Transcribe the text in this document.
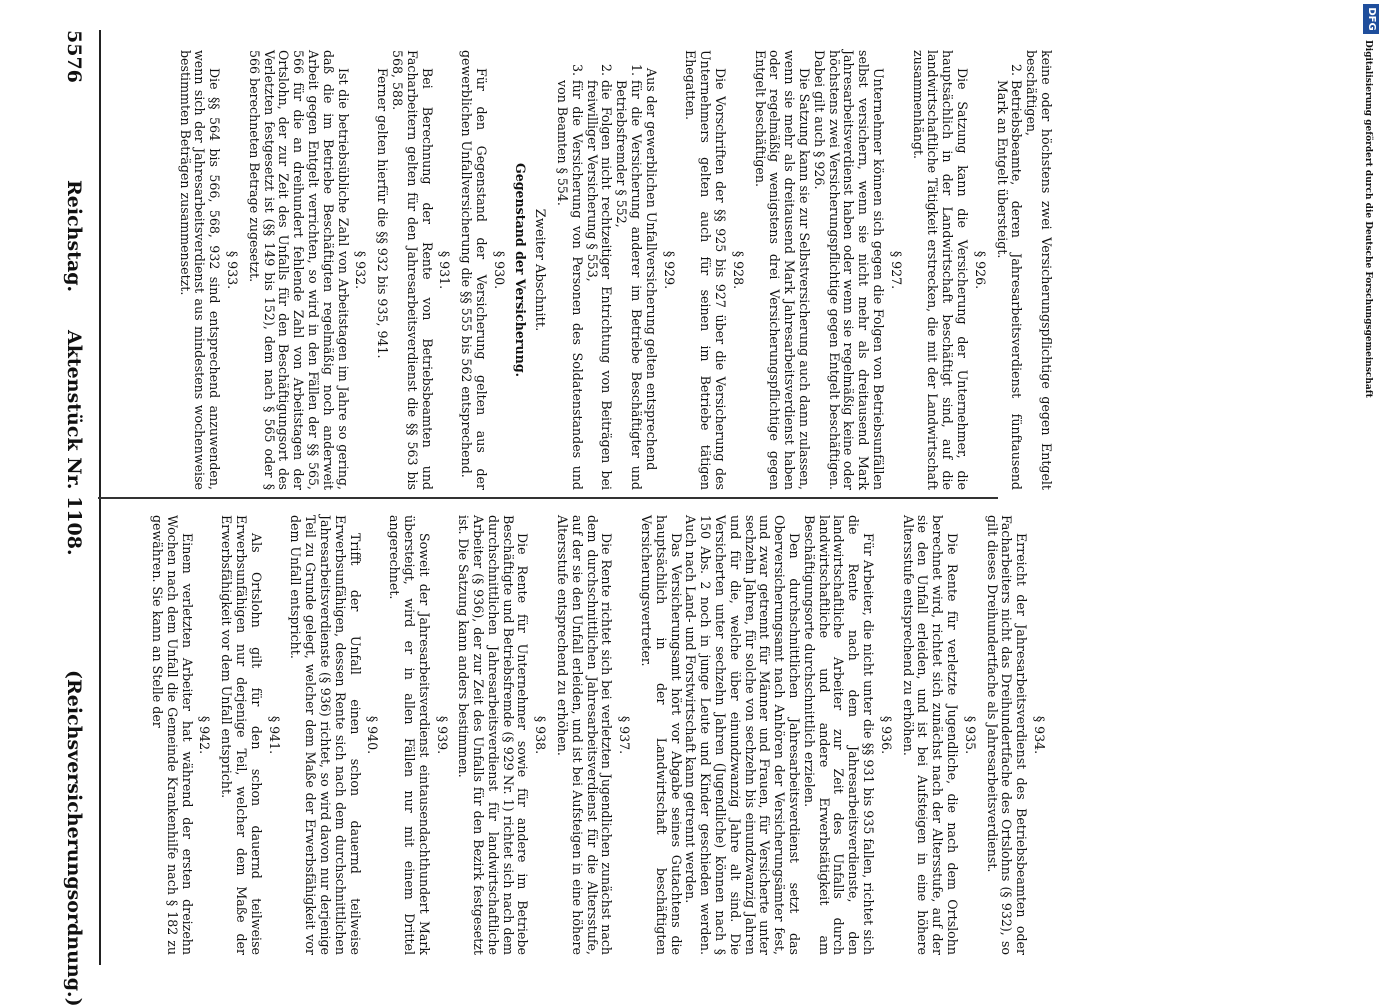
5576
Reichstag.
Aktenstück Nr. 1108.
(Reichsversicherungsordnung.)

keine oder höchstens zwei Versicherungspflichtige gegen Entgelt beschäftigen,

2. Betriebsbeamte, deren Jahresarbeitsverdienst fünftausend Mark an Entgelt übersteigt.

§ 926.

Die Satzung kann die Versicherung der Unternehmer, die hauptsächlich in der Landwirtschaft beschäftigt sind, auf die landwirtschaftliche Tätigkeit erstrecken, die mit der Landwirtschaft zusammenhängt.

§ 927.

Unternehmer können sich gegen die Folgen von Betriebsunfällen selbst versichern, wenn sie nicht mehr als dreitausend Mark Jahresarbeitsverdienst haben oder wenn sie regelmäßig keine oder höchstens zwei Versicherungspflichtige gegen Entgelt beschäftigen. Dabei gilt auch § 926.

Die Satzung kann sie zur Selbstversicherung auch dann zulassen, wenn sie mehr als dreitausend Mark Jahresarbeitsverdienst haben oder regelmäßig wenigstens drei Versicherungspflichtige gegen Entgelt beschäftigen.

§ 928.

Die Vorschriften der §§ 925 bis 927 über die Versicherung des Unternehmers gelten auch für seinen im Betriebe tätigen Ehegatten.

§ 929.

Aus der gewerblichen Unfallversicherung gelten entsprechend

1. für die Versicherung anderer im Betriebe Beschäftigter und Betriebsfremder § 552,
2. die Folgen nicht rechtzeitiger Entrichtung von Beiträgen bei freiwilliger Versicherung § 553,
3. für die Versicherung von Personen des Soldatenstandes und von Beamten § 554.

Zweiter Abschnitt.

Gegenstand der Versicherung.

§ 930.

Für den Gegenstand der Versicherung gelten aus der gewerblichen Unfallversicherung die §§ 555 bis 562 entsprechend.

§ 931.

Bei Berechnung der Rente von Betriebsbeamten und Facharbeitern gelten für den Jahresarbeitsverdienst die §§ 563 bis 568, 588.

Ferner gelten hierfür die §§ 932 bis 935, 941.

§ 932.

Ist die betriebsübliche Zahl von Arbeitstagen im Jahre so gering, daß die im Betriebe Beschäftigten regelmäßig noch anderweit Arbeit gegen Entgelt verrichten, so wird in den Fällen der §§ 565, 566 für die an dreihundert fehlende Zahl von Arbeitstagen der Ortslohn, der zur Zeit des Unfalls für den Beschäftigungsort des Verletzten festgesetzt ist (§§ 149 bis 152), dem nach § 565 oder § 566 berechneten Betrage zugesetzt.

§ 933.

Die §§ 564 bis 566, 568, 932 sind entsprechend anzuwenden, wenn sich der Jahresarbeitsverdienst aus mindestens wochenweise bestimmten Beträgen zusammensetzt.

§ 934.

Erreicht der Jahresarbeitsverdienst des Betriebsbeamten oder Facharbeiters nicht das Dreihundertfache des Ortslohns (§ 932), so gilt dieses Dreihundertfache als Jahresarbeitsverdienst.

§ 935.

Die Rente für verletzte Jugendliche, die nach dem Ortslohn berechnet wird, richtet sich zunächst nach der Altersstufe, auf der sie den Unfall erleiden, und ist bei Aufsteigen in eine höhere Altersstufe entsprechend zu erhöhen.

§ 936.

Für Arbeiter, die nicht unter die §§ 931 bis 935 fallen, richtet sich die Rente nach dem Jahresarbeitsverdienste, den landwirtschaftliche Arbeiter zur Zeit des Unfalls durch landwirtschaftliche und andere Erwerbstätigkeit am Beschäftigungsorte durchschnittlich erzielen.

Den durchschnittlichen Jahresarbeitsverdienst setzt das Oberversicherungsamt nach Anhören der Versicherungsämter fest, und zwar getrennt für Männer und Frauen, für Versicherte unter sechzehn Jahren, für solche von sechzehn bis einundzwanzig Jahren und für die, welche über einundzwanzig Jahre alt sind. Die Versicherten unter sechzehn Jahren (Jugendliche) können nach § 150 Abs. 2 noch in junge Leute und Kinder geschieden werden. Auch nach Land- und Forstwirtschaft kann getrennt werden.

Das Versicherungsamt hört vor Abgabe seines Gutachtens die hauptsächlich in der Landwirtschaft beschäftigten Versicherungsvertreter.

§ 937.

Die Rente richtet sich bei verletzten Jugendlichen zunächst nach dem durchschnittlichen Jahresarbeitsverdienst für die Altersstufe, auf der sie den Unfall erleiden, und ist bei Aufsteigen in eine höhere Altersstufe entsprechend zu erhöhen.

§ 938.

Die Rente für Unternehmer sowie für andere im Betriebe Beschäftigte und Betriebsfremde (§ 929 Nr. 1) richtet sich nach dem durchschnittlichen Jahresarbeitsverdienst für landwirtschaftliche Arbeiter (§ 936), der zur Zeit des Unfalls für den Bezirk festgesetzt ist. Die Satzung kann anders bestimmen.

§ 939.

Soweit der Jahresarbeitsverdienst eintausendachthundert Mark übersteigt, wird er in allen Fällen nur mit einem Drittel angerechnet.

§ 940.

Trifft der Unfall einen schon dauernd teilweise Erwerbsunfähigen, dessen Rente sich nach dem durchschnittlichen Jahresarbeitsverdienste (§ 936) richtet, so wird davon nur derjenige Teil zu Grunde gelegt, welcher dem Maße der Erwerbsfähigkeit vor dem Unfall entspricht.

§ 941.

Als Ortslohn gilt für den schon dauernd teilweise Erwerbsunfähigen nur derjenige Teil, welcher dem Maße der Erwerbsfähigkeit vor dem Unfall entspricht.

§ 942.

Einem verletzten Arbeiter hat während der ersten dreizehn Wochen nach dem Unfall die Gemeinde Krankenhilfe nach § 182 zu gewähren. Sie kann an Stelle der

DFG
Digitalisierung gefördert durch die Deutsche Forschungsgemeinschaft
